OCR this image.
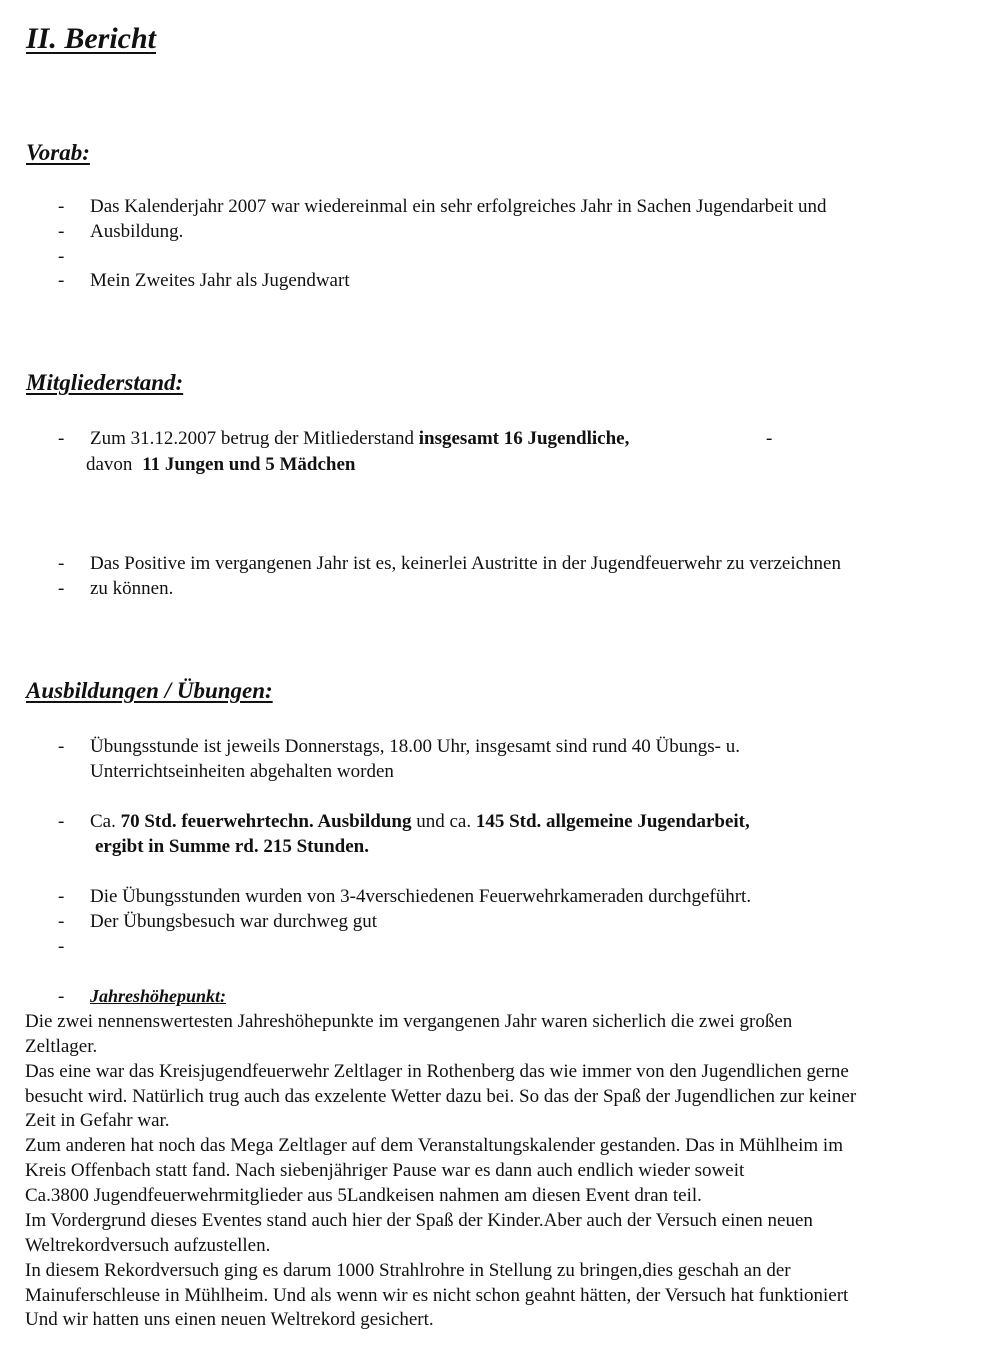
II. Bericht
Vorab:
- Das Kalenderjahr 2007 war wiedereinmal ein sehr erfolgreiches Jahr in Sachen Jugendarbeit und
- Ausbildung.
-
- Mein Zweites Jahr als Jugendwart
Mitgliederstand:
- Zum 31.12.2007 betrug der Mitliederstand insgesamt 16 Jugendliche,	-
davon 11 Jungen und 5 Mädchen
- Das Positive im vergangenen Jahr ist es, keinerlei Austritte in der Jugendfeuerwehr zu verzeichnen
- zu können.
Ausbildungen / Übungen:
- Übungsstunde ist jeweils Donnerstags, 18.00 Uhr, insgesamt sind rund 40 Übungs- u.
Unterrichtseinheiten abgehalten worden
- Ca. 70 Std. feuerwehrtechn. Ausbildung und ca. 145 Std. allgemeine Jugendarbeit,
ergibt in Summe rd. 215 Stunden.
- Die Übungsstunden wurden von 3-4verschiedenen Feuerwehrkameraden durchgeführt.
- Der Übungsbesuch war durchweg gut
-
- Jahreshöhepunkt:
Die zwei nennenswertesten Jahreshöhepunkte im vergangenen Jahr waren sicherlich die zwei großen
Zeltlager.
Das eine war das Kreisjugendfeuerwehr Zeltlager in Rothenberg das wie immer von den Jugendlichen gerne
besucht wird. Natürlich trug auch das exzelente Wetter dazu bei. So das der Spaß der Jugendlichen zur keiner
Zeit in Gefahr war.
Zum anderen hat noch das Mega Zeltlager auf dem Veranstaltungskalender gestanden. Das in Mühlheim im
Kreis Offenbach statt fand. Nach siebenjähriger Pause war es dann auch endlich wieder soweit
Ca.3800 Jugendfeuerwehrmitglieder aus 5Landkeisen nahmen am diesen Event dran teil.
Im Vordergrund dieses Eventes stand auch hier der Spaß der Kinder.Aber auch der Versuch einen neuen
Weltrekordversuch aufzustellen.
In diesem Rekordversuch ging es darum 1000 Strahlrohre in Stellung zu bringen,dies geschah an der
Mainuferschleuse in Mühlheim. Und als wenn wir es nicht schon geahnt hätten, der Versuch hat funktioniert
Und wir hatten uns einen neuen Weltrekord gesichert.
